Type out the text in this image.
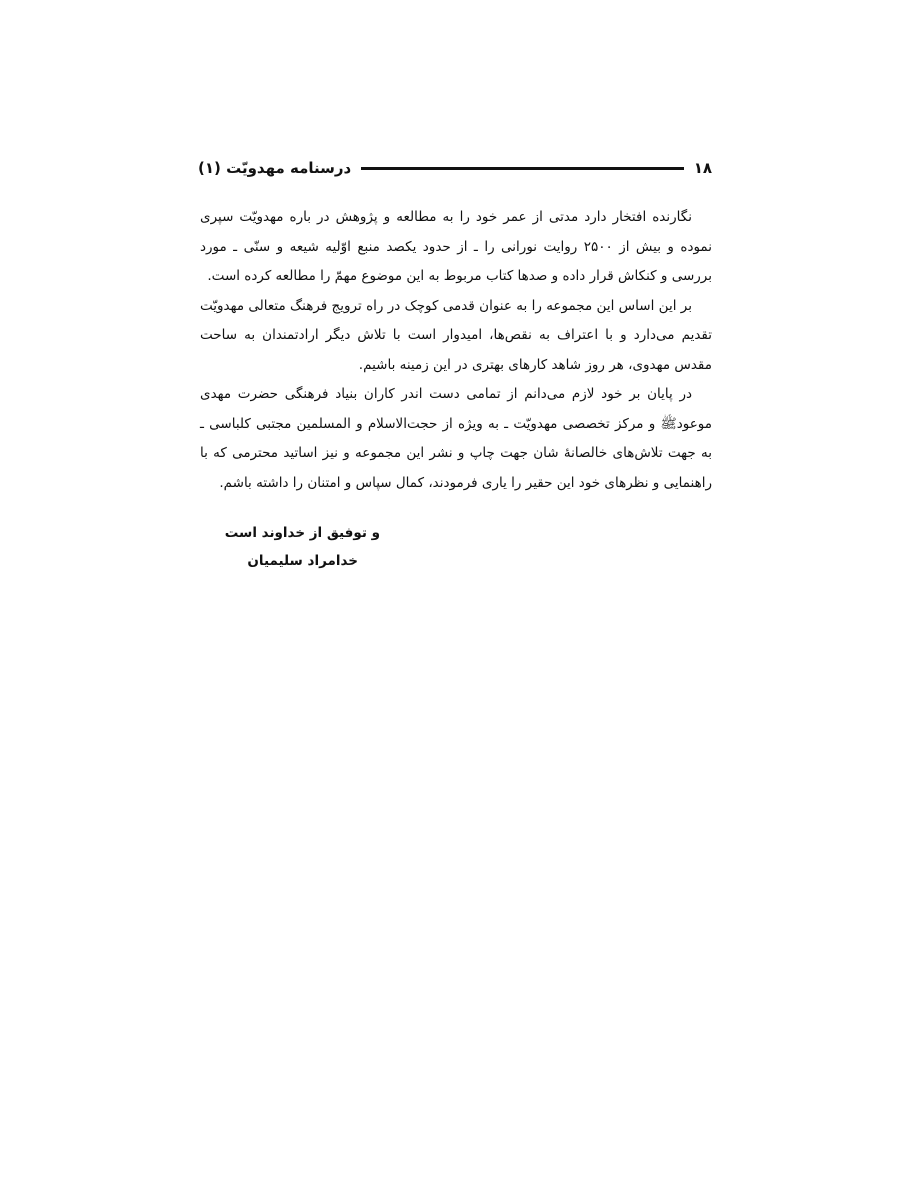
۱۸
درسنامه مهدویّت (۱)

نگارنده افتخار دارد مدتی از عمر خود را به مطالعه و پژوهش در باره مهدویّت سپری نموده و بیش از ۲۵۰۰ روایت نورانی را ـ از حدود یکصد منبع اوّلیه شیعه و سنّی ـ مورد بررسی و کنکاش قرار داده و صدها کتاب مربوط به این موضوع مهمّ را مطالعه کرده است.

بر این اساس این مجموعه را به عنوان قدمی کوچک در راه ترویج فرهنگ متعالی مهدویّت تقدیم می‌دارد و با اعتراف به نقص‌ها، امیدوار است با تلاش دیگر ارادتمندان به ساحت مقدس مهدوی، هر روز شاهد کارهای بهتری در این زمینه باشیم.

در پایان بر خود لازم می‌دانم از تمامی دست اندر کاران بنیاد فرهنگی حضرت مهدی موعود‌ﷺ و مرکز تخصصی مهدویّت ـ به ویژه از حجت‌الاسلام و المسلمین مجتبی کلباسی ـ به جهت تلاش‌های خالصانهٔ شان جهت چاپ و نشر این مجموعه و نیز اساتید محترمی که با راهنمایی و نظرهای خود این حقیر را یاری فرمودند، کمال سپاس و امتنان را داشته باشم.

و توفیق از خداوند است
خدامراد سلیمیان
